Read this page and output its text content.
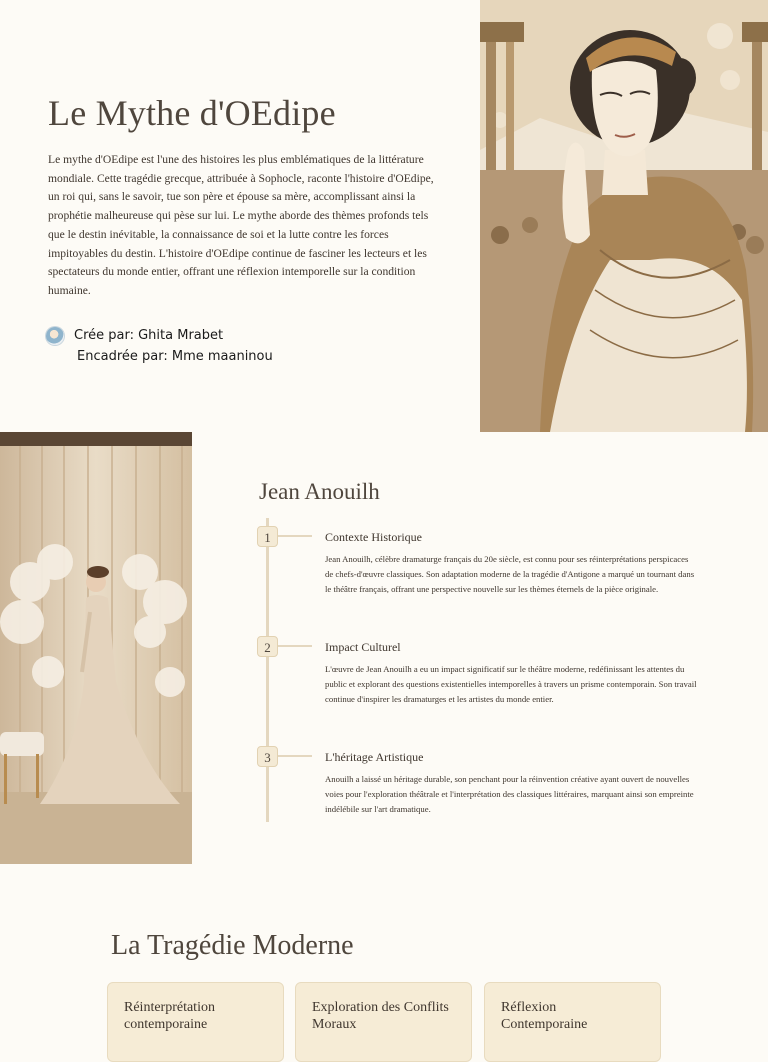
Le Mythe d'OEdipe

Le mythe d'OEdipe est l'une des histoires les plus emblématiques de la littérature mondiale. Cette tragédie grecque, attribuée à Sophocle, raconte l'histoire d'OEdipe, un roi qui, sans le savoir, tue son père et épouse sa mère, accomplissant ainsi la prophétie malheureuse qui pèse sur lui. Le mythe aborde des thèmes profonds tels que le destin inévitable, la connaissance de soi et la lutte contre les forces impitoyables du destin. L'histoire d'OEdipe continue de fasciner les lecteurs et les spectateurs du monde entier, offrant une réflexion intemporelle sur la condition humaine.

Crée par: Ghita Mrabet
Encadrée par: Mme maaninou
Jean Anouilh
1	Contexte Historique

Jean Anouilh, célèbre dramaturge français du 20e siècle, est connu pour ses réinterprétations perspicaces de chefs-d'œuvre classiques. Son adaptation moderne de la tragédie d'Antigone a marqué un tournant dans le théâtre français, offrant une perspective nouvelle sur les thèmes éternels de la pièce originale.

2	Impact Culturel

L'œuvre de Jean Anouilh a eu un impact significatif sur le théâtre moderne, redéfinissant les attentes du public et explorant des questions existentielles intemporelles à travers un prisme contemporain. Son travail continue d'inspirer les dramaturges et les artistes du monde entier.

3	L'héritage Artistique

Anouilh a laissé un héritage durable, son penchant pour la réinvention créative ayant ouvert de nouvelles voies pour l'exploration théâtrale et l'interprétation des classiques littéraires, marquant ainsi son empreinte indélébile sur l'art dramatique.

La Tragédie Moderne
Réinterprétation contemporaine
Exploration des Conflits Moraux
Réflexion Contemporaine
